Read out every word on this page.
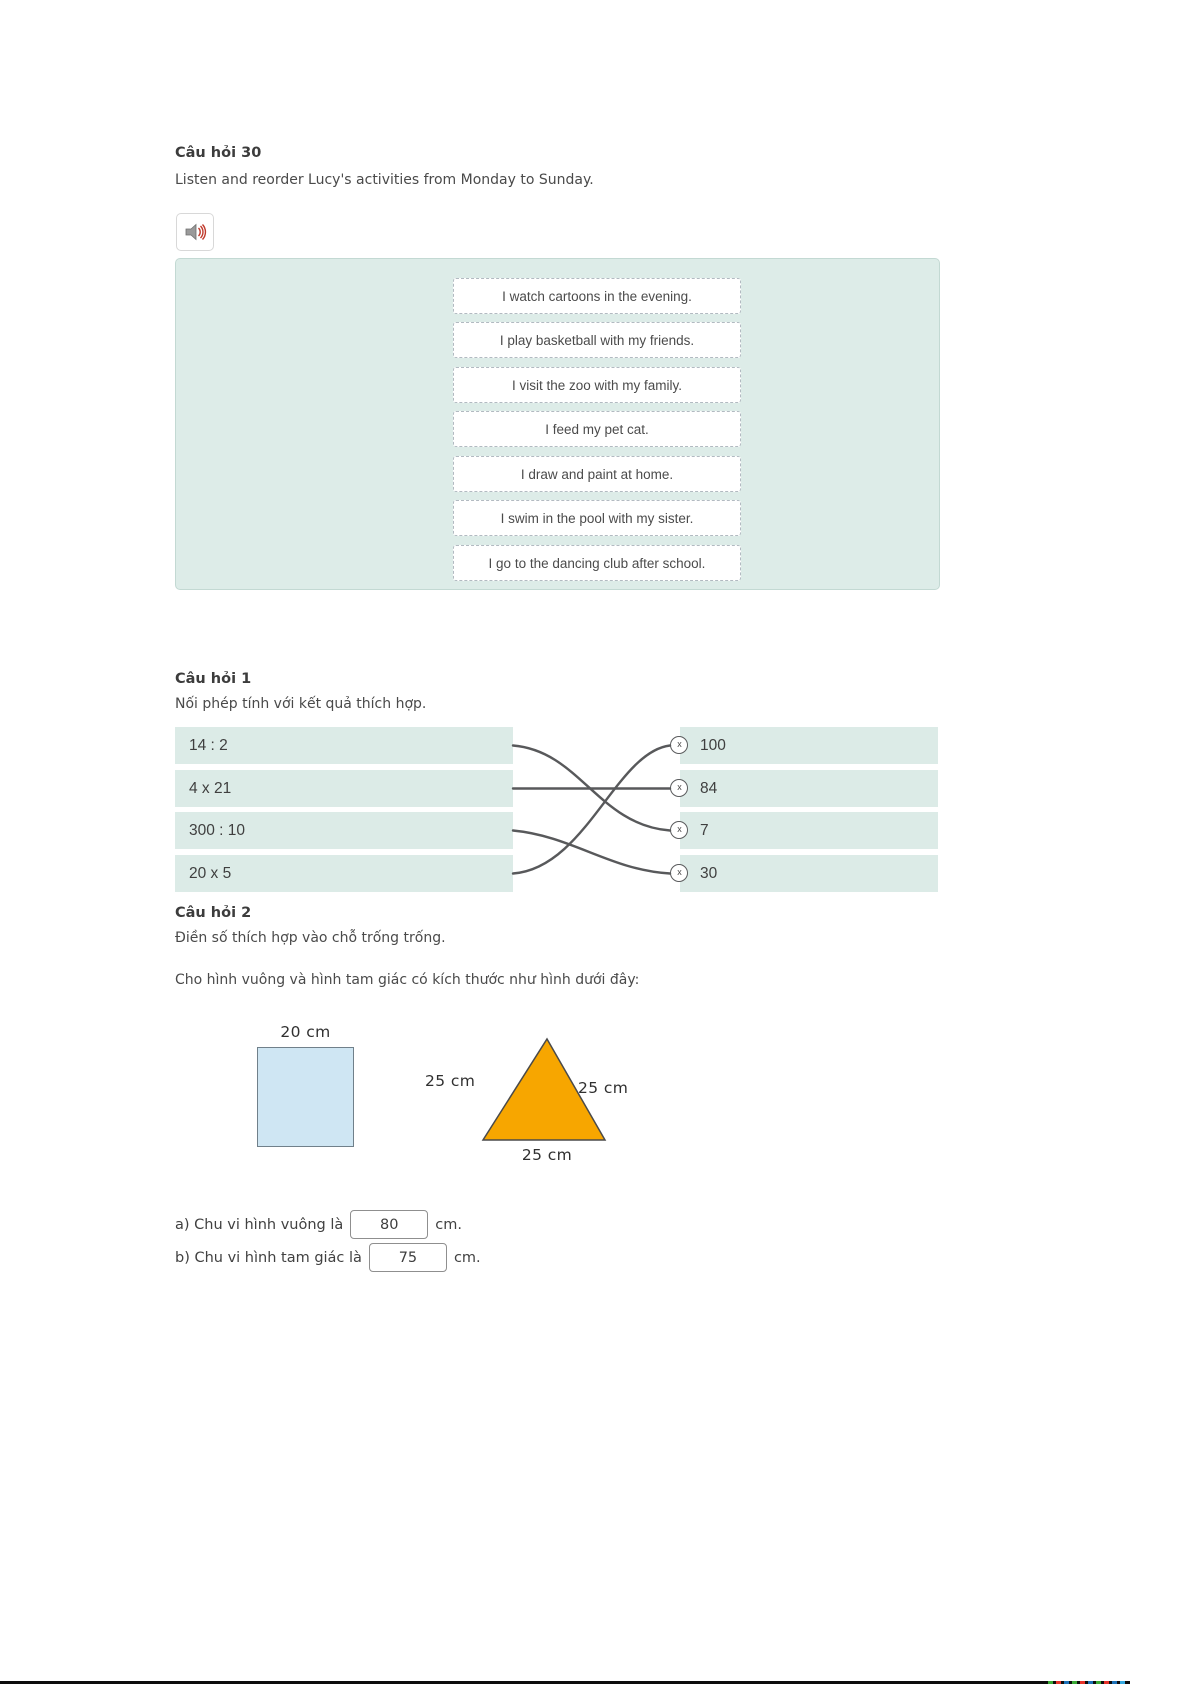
Câu hỏi 30
Listen and reorder Lucy's activities from Monday to Sunday.
I watch cartoons in the evening.
I play basketball with my friends.
I visit the zoo with my family.
I feed my pet cat.
I draw and paint at home.
I swim in the pool with my sister.
I go to the dancing club after school.
Câu hỏi 1
Nối phép tính với kết quả thích hợp.
14 : 2
4 x 21
300 : 10
20 x 5
x	100
x	84
x	7
x	30
Câu hỏi 2
Điền số thích hợp vào chỗ trống trống.
Cho hình vuông và hình tam giác có kích thước như hình dưới đây:
20 cm
25 cm	25 cm
25 cm
a) Chu vi hình vuông là
80	cm.
b) Chu vi hình tam giác là
75	cm.
